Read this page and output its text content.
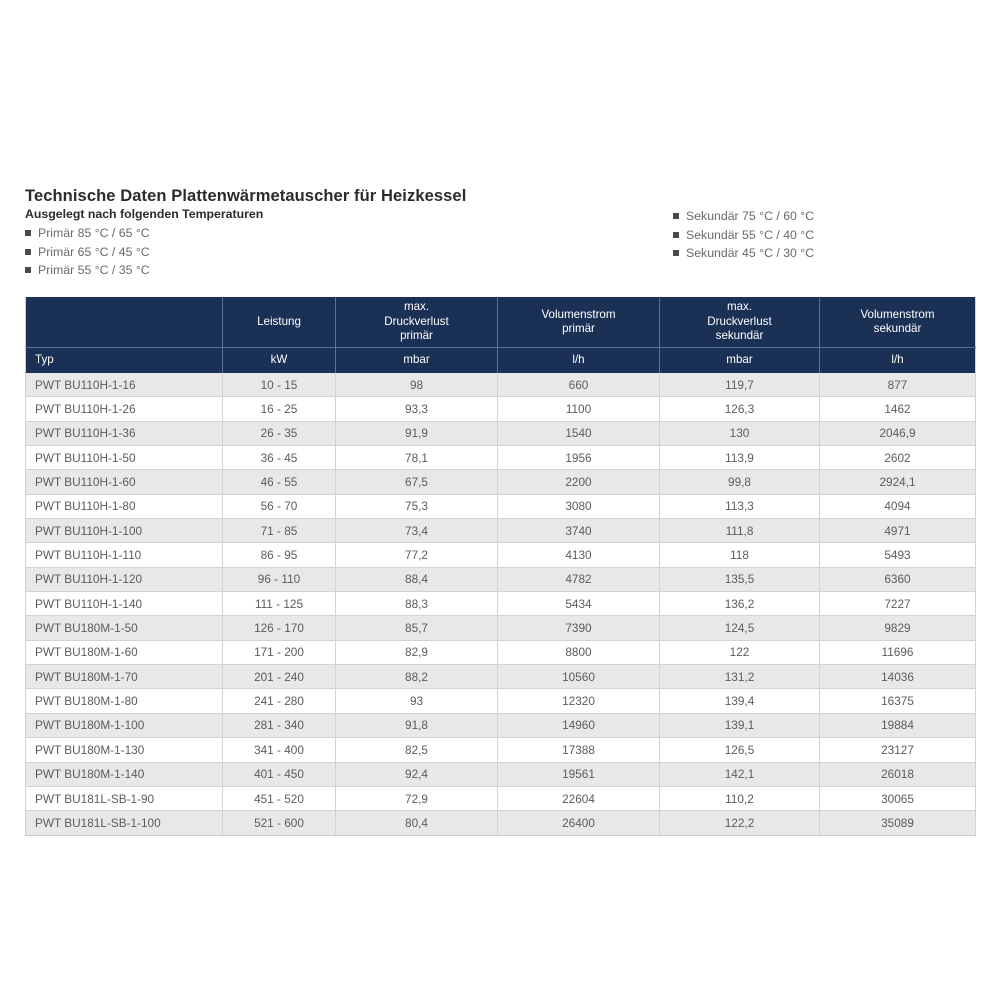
Technische Daten Plattenwärmetauscher für Heizkessel
Ausgelegt nach folgenden Temperaturen
Primär 85 °C / 65 °C
Primär 65 °C / 45 °C
Primär 55 °C / 35 °C
Sekundär 75 °C / 60 °C
Sekundär 55 °C / 40 °C
Sekundär 45 °C / 30 °C
	Leistung	max.
Druckverlust
primär	Volumenstrom
primär	max.
Druckverlust
sekundär	Volumenstrom
sekundär
Typ	kW	mbar	l/h	mbar	l/h
PWT BU110H-1-16	10 - 15	98	660	119,7	877
PWT BU110H-1-26	16 - 25	93,3	1100	126,3	1462
PWT BU110H-1-36	26 - 35	91,9	1540	130	2046,9
PWT BU110H-1-50	36 - 45	78,1	1956	113,9	2602
PWT BU110H-1-60	46 - 55	67,5	2200	99,8	2924,1
PWT BU110H-1-80	56 - 70	75,3	3080	113,3	4094
PWT BU110H-1-100	71 - 85	73,4	3740	111,8	4971
PWT BU110H-1-110	86 - 95	77,2	4130	118	5493
PWT BU110H-1-120	96 - 110	88,4	4782	135,5	6360
PWT BU110H-1-140	111 - 125	88,3	5434	136,2	7227
PWT BU180M-1-50	126 - 170	85,7	7390	124,5	9829
PWT BU180M-1-60	171 - 200	82,9	8800	122	11696
PWT BU180M-1-70	201 - 240	88,2	10560	131,2	14036
PWT BU180M-1-80	241 - 280	93	12320	139,4	16375
PWT BU180M-1-100	281 - 340	91,8	14960	139,1	19884
PWT BU180M-1-130	341 - 400	82,5	17388	126,5	23127
PWT BU180M-1-140	401 - 450	92,4	19561	142,1	26018
PWT BU181L-SB-1-90	451 - 520	72,9	22604	110,2	30065
PWT BU181L-SB-1-100	521 - 600	80,4	26400	122,2	35089
